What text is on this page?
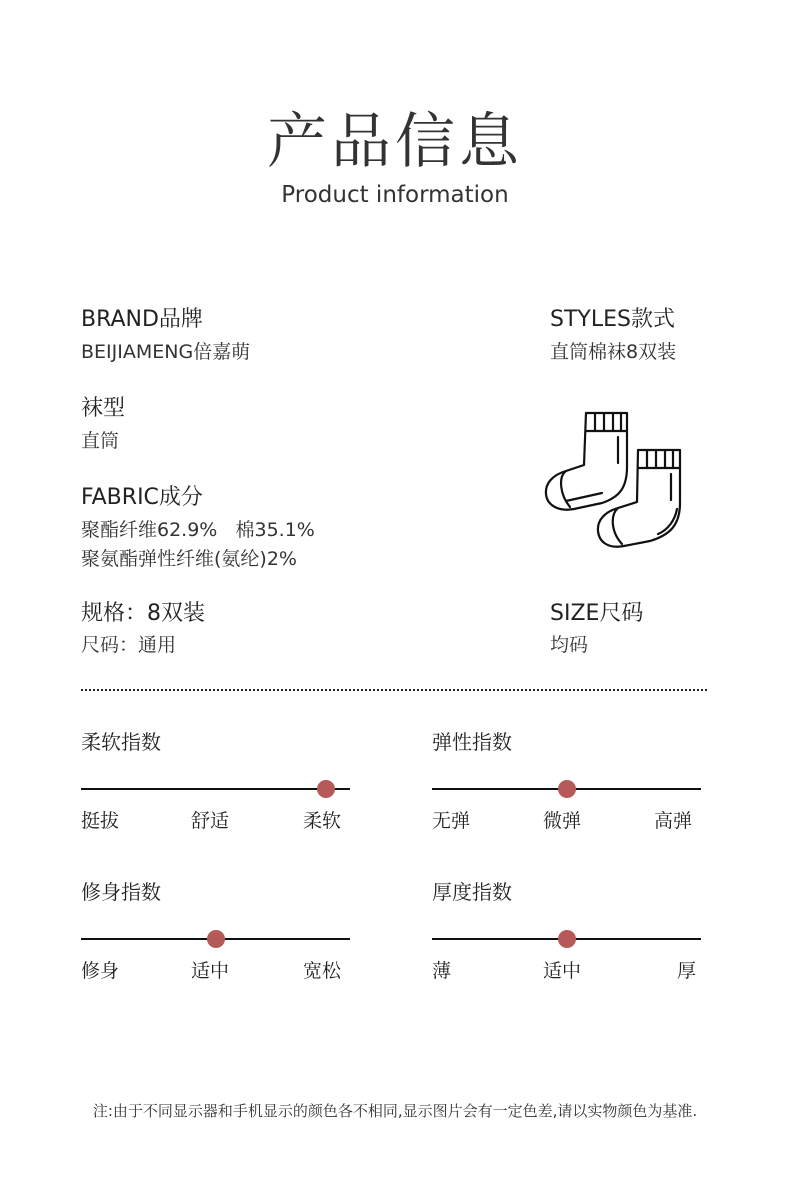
产品信息
Product information
BRAND品牌
BEIJIAMENG倍嘉萌
STYLES款式
直筒棉袜8双装
袜型
直筒
FABRIC成分
聚酯纤维62.9%   棉35.1%
聚氨酯弹性纤维(氨纶)2%
规格：8双装
尺码：通用
SIZE尺码
均码
柔软指数
挺拔	舒适	柔软
弹性指数
无弹	微弹	高弹
修身指数
修身	适中	宽松
厚度指数
薄	适中	厚
注:由于不同显示器和手机显示的颜色各不相同,显示图片会有一定色差,请以实物颜色为基准.
